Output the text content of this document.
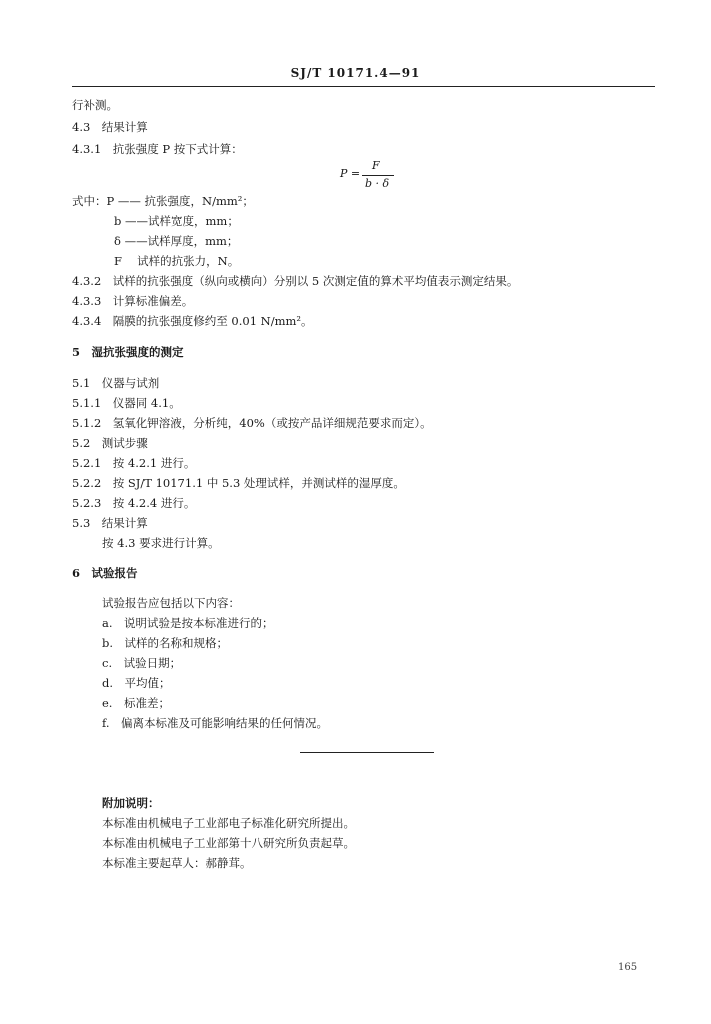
SJ/T 10171.4—91
行补测。
4.3　结果计算
4.3.1　抗张强度 P 按下式计算：
P =
F
b · δ
式中：P —— 抗张强度，N/mm²；
b ——试样宽度，mm；
δ ——试样厚度，mm；
F　 试样的抗张力，N。
4.3.2　试样的抗张强度（纵向或横向）分别以 5 次测定值的算术平均值表示测定结果。
4.3.3　计算标准偏差。
4.3.4　隔膜的抗张强度修约至 0.01 N/mm²。
5　湿抗张强度的测定
5.1　仪器与试剂
5.1.1　仪器同 4.1。
5.1.2　氢氧化钾溶液，分析纯，40%（或按产品详细规范要求而定）。
5.2　测试步骤
5.2.1　按 4.2.1 进行。
5.2.2　按 SJ/T 10171.1 中 5.3 处理试样，并测试样的湿厚度。
5.2.3　按 4.2.4 进行。
5.3　结果计算
按 4.3 要求进行计算。
6　试验报告
试验报告应包括以下内容：
a.　说明试验是按本标准进行的；
b.　试样的名称和规格；
c.　试验日期；
d.　平均值；
e.　标准差；
f.　偏离本标准及可能影响结果的任何情况。
附加说明：
本标准由机械电子工业部电子标准化研究所提出。
本标准由机械电子工业部第十八研究所负责起草。
本标准主要起草人：郝静茸。
165
